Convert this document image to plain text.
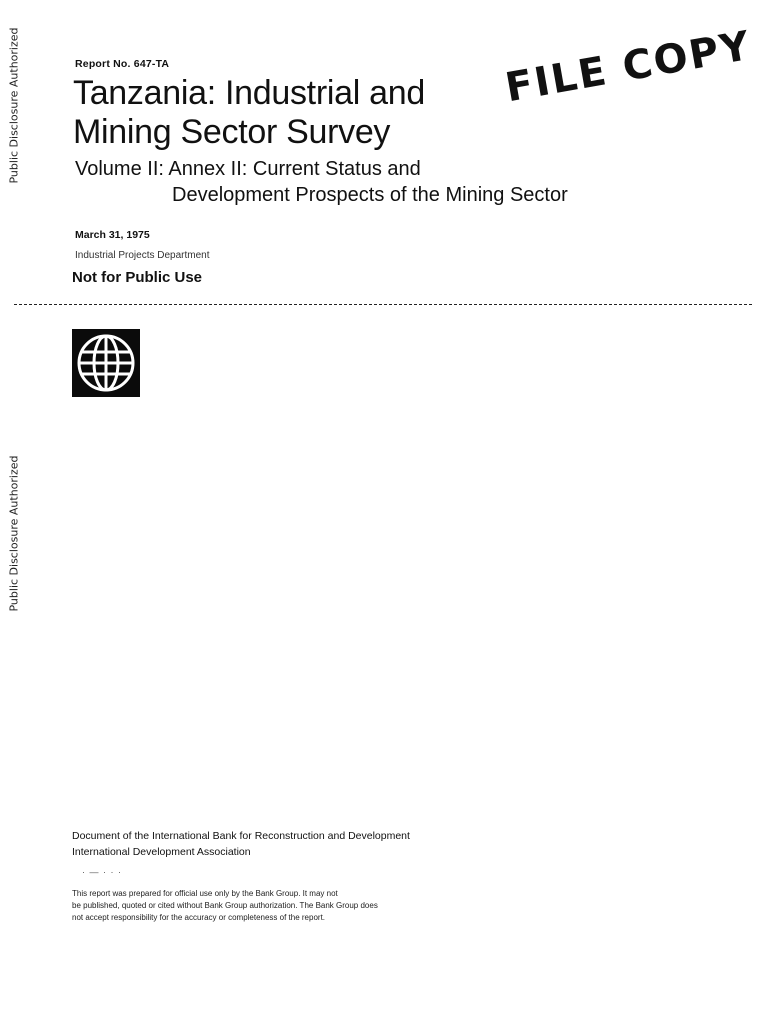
Public Disclosure Authorized
Public Disclosure Authorized
Report No. 647-TA
Tanzania: Industrial and
Mining Sector Survey
Volume II: Annex II: Current Status and
Development Prospects of the Mining Sector
March 31, 1975
Industrial Projects Department
Not for Public Use
FILE COPY
Document of the International Bank for Reconstruction and Development
International Development Association
· — · · ·
This report was prepared for official use only by the Bank Group. It may not
be published, quoted or cited without Bank Group authorization. The Bank Group does
not accept responsibility for the accuracy or completeness of the report.
